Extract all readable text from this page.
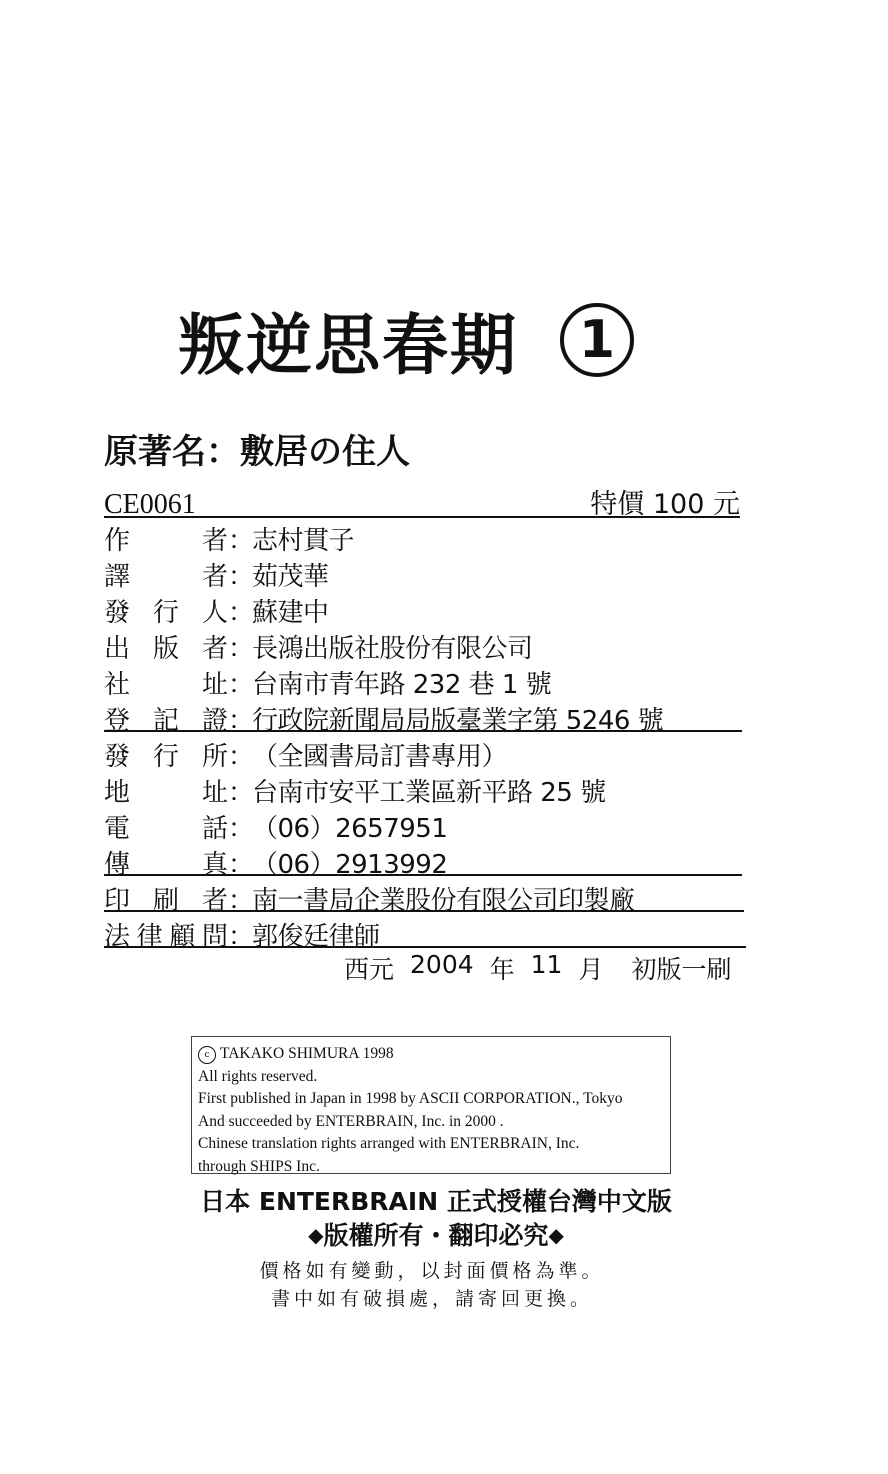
叛逆思春期 1
原著名：敷居の住人
CE0061	特價 100 元
作	者 ：
志村貫子
譯	者 ：
茹茂華
發 行 人 ：
蘇建中
出 版 者 ：
長鴻出版社股份有限公司
社	址 ：
台南市青年路 232 巷 1 號
登 記 證 ：
行政院新聞局局版臺業字第 5246 號
發 行 所 ：
（全國書局訂書專用）
地	址 ：
台南市安平工業區新平路 25 號
電	話 ：
（06）2657951
傳	真 ：
（06）2913992
印 刷 者 ：
南一書局企業股份有限公司印製廠
法 律 顧 問 ：
郭俊廷律師
西元 2004 年 11 月 初版一刷
c TAKAKO SHIMURA 1998
All rights reserved.
First published in Japan in 1998 by ASCII CORPORATION., Tokyo
And succeeded by ENTERBRAIN, Inc. in 2000 .
Chinese translation rights arranged with ENTERBRAIN, Inc.
through SHIPS Inc.
日本 ENTERBRAIN 正式授權台灣中文版
◆版權所有・翻印必究◆
價格如有變動，以封面價格為準。
書中如有破損處，請寄回更換。
